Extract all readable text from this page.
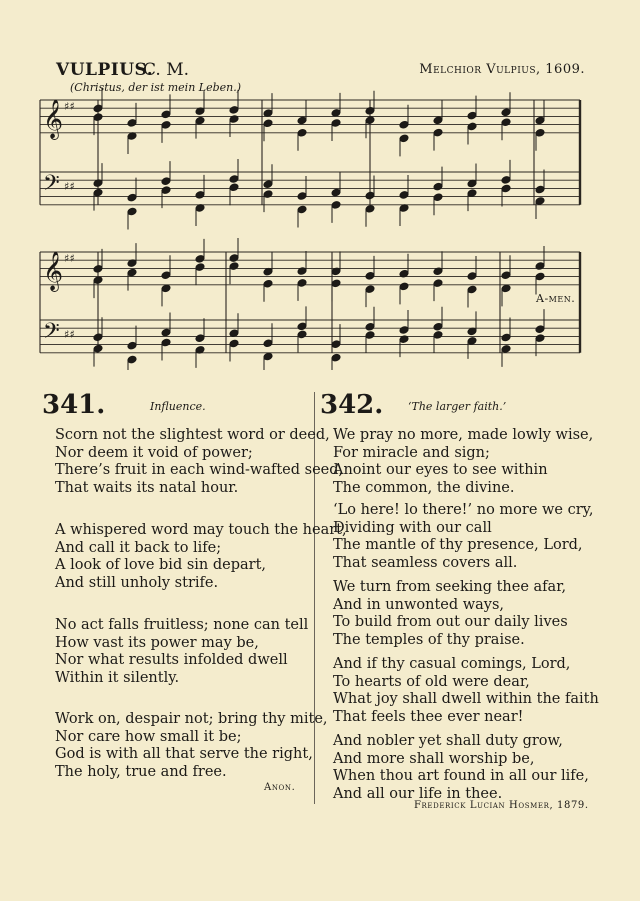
VULPIUS.
C. M.
(Christus, der ist mein Leben.)
Melchior Vulpius, 1609.
𝄞 ♯♯
𝄢 ♯♯
𝄞 ♯♯
𝄢 ♯♯
A-men.
341.	Influence.
Scorn not the slightest word or deed,
Nor deem it void of power;
There’s fruit in each wind-wafted seed,
That waits its natal hour.
A whispered word may touch the heart,
And call it back to life;
A look of love bid sin depart,
And still unholy strife.
No act falls fruitless; none can tell
How vast its power may be,
Nor what results infolded dwell
Within it silently.
Work on, despair not; bring thy mite,
Nor care how small it be;
God is with all that serve the right,
The holy, true and free.
Anon.
342. ‘The larger faith.’
We pray no more, made lowly wise,
For miracle and sign;
Anoint our eyes to see within
The common, the divine.
‘Lo here! lo there!’ no more we cry,
Dividing with our call
The mantle of thy presence, Lord,
That seamless covers all.
We turn from seeking thee afar,
And in unwonted ways,
To build from out our daily lives
The temples of thy praise.
And if thy casual comings, Lord,
To hearts of old were dear,
What joy shall dwell within the faith
That feels thee ever near!
And nobler yet shall duty grow,
And more shall worship be,
When thou art found in all our life,
And all our life in thee.
Frederick Lucian Hosmer, 1879.
